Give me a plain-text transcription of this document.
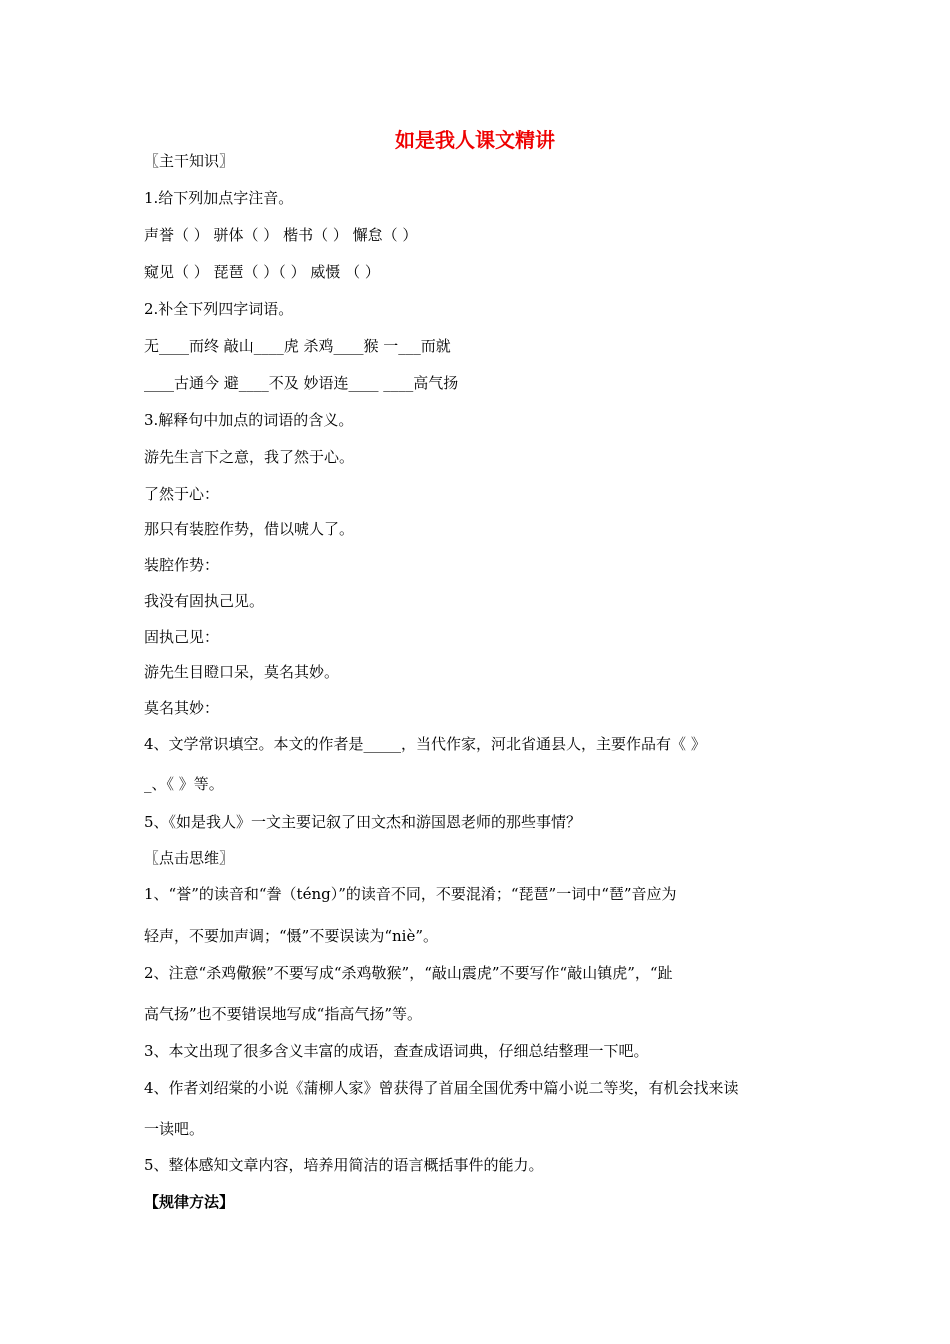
如是我人课文精讲
〖主干知识〗
1.给下列加点字注音。
声誉（ ） 骈体（ ） 楷书（ ） 懈怠（ ）
窥见（ ） 琵琶（ ）（ ） 威慑 （ ）
2.补全下列四字词语。
无____而终 敲山____虎 杀鸡____猴 一___而就
____古通今 避____不及 妙语连____ ____高气扬
3.解释句中加点的词语的含义。
游先生言下之意，我了然于心。
了然于心：
那只有装腔作势，借以唬人了。
装腔作势：
我没有固执己见。
固执己见：
游先生目瞪口呆，莫名其妙。
莫名其妙：
4、文学常识填空。本文的作者是_____，当代作家，河北省通县人，主要作品有《 》
_、《 》等。
5、《如是我人》一文主要记叙了田文杰和游国恩老师的那些事情？
〖点击思维〗
1、“誉”的读音和“誊（téng）”的读音不同，不要混淆；“琵琶”一词中“琶”音应为
轻声，不要加声调；“慑”不要误读为“niè”。
2、注意“杀鸡儆猴”不要写成“杀鸡敬猴”，“敲山震虎”不要写作“敲山镇虎”，“趾
高气扬”也不要错误地写成“指高气扬”等。
3、本文出现了很多含义丰富的成语，查查成语词典，仔细总结整理一下吧。
4、作者刘绍棠的小说《蒲柳人家》曾获得了首届全国优秀中篇小说二等奖，有机会找来读
一读吧。
5、整体感知文章内容，培养用简洁的语言概括事件的能力。
【规律方法】
